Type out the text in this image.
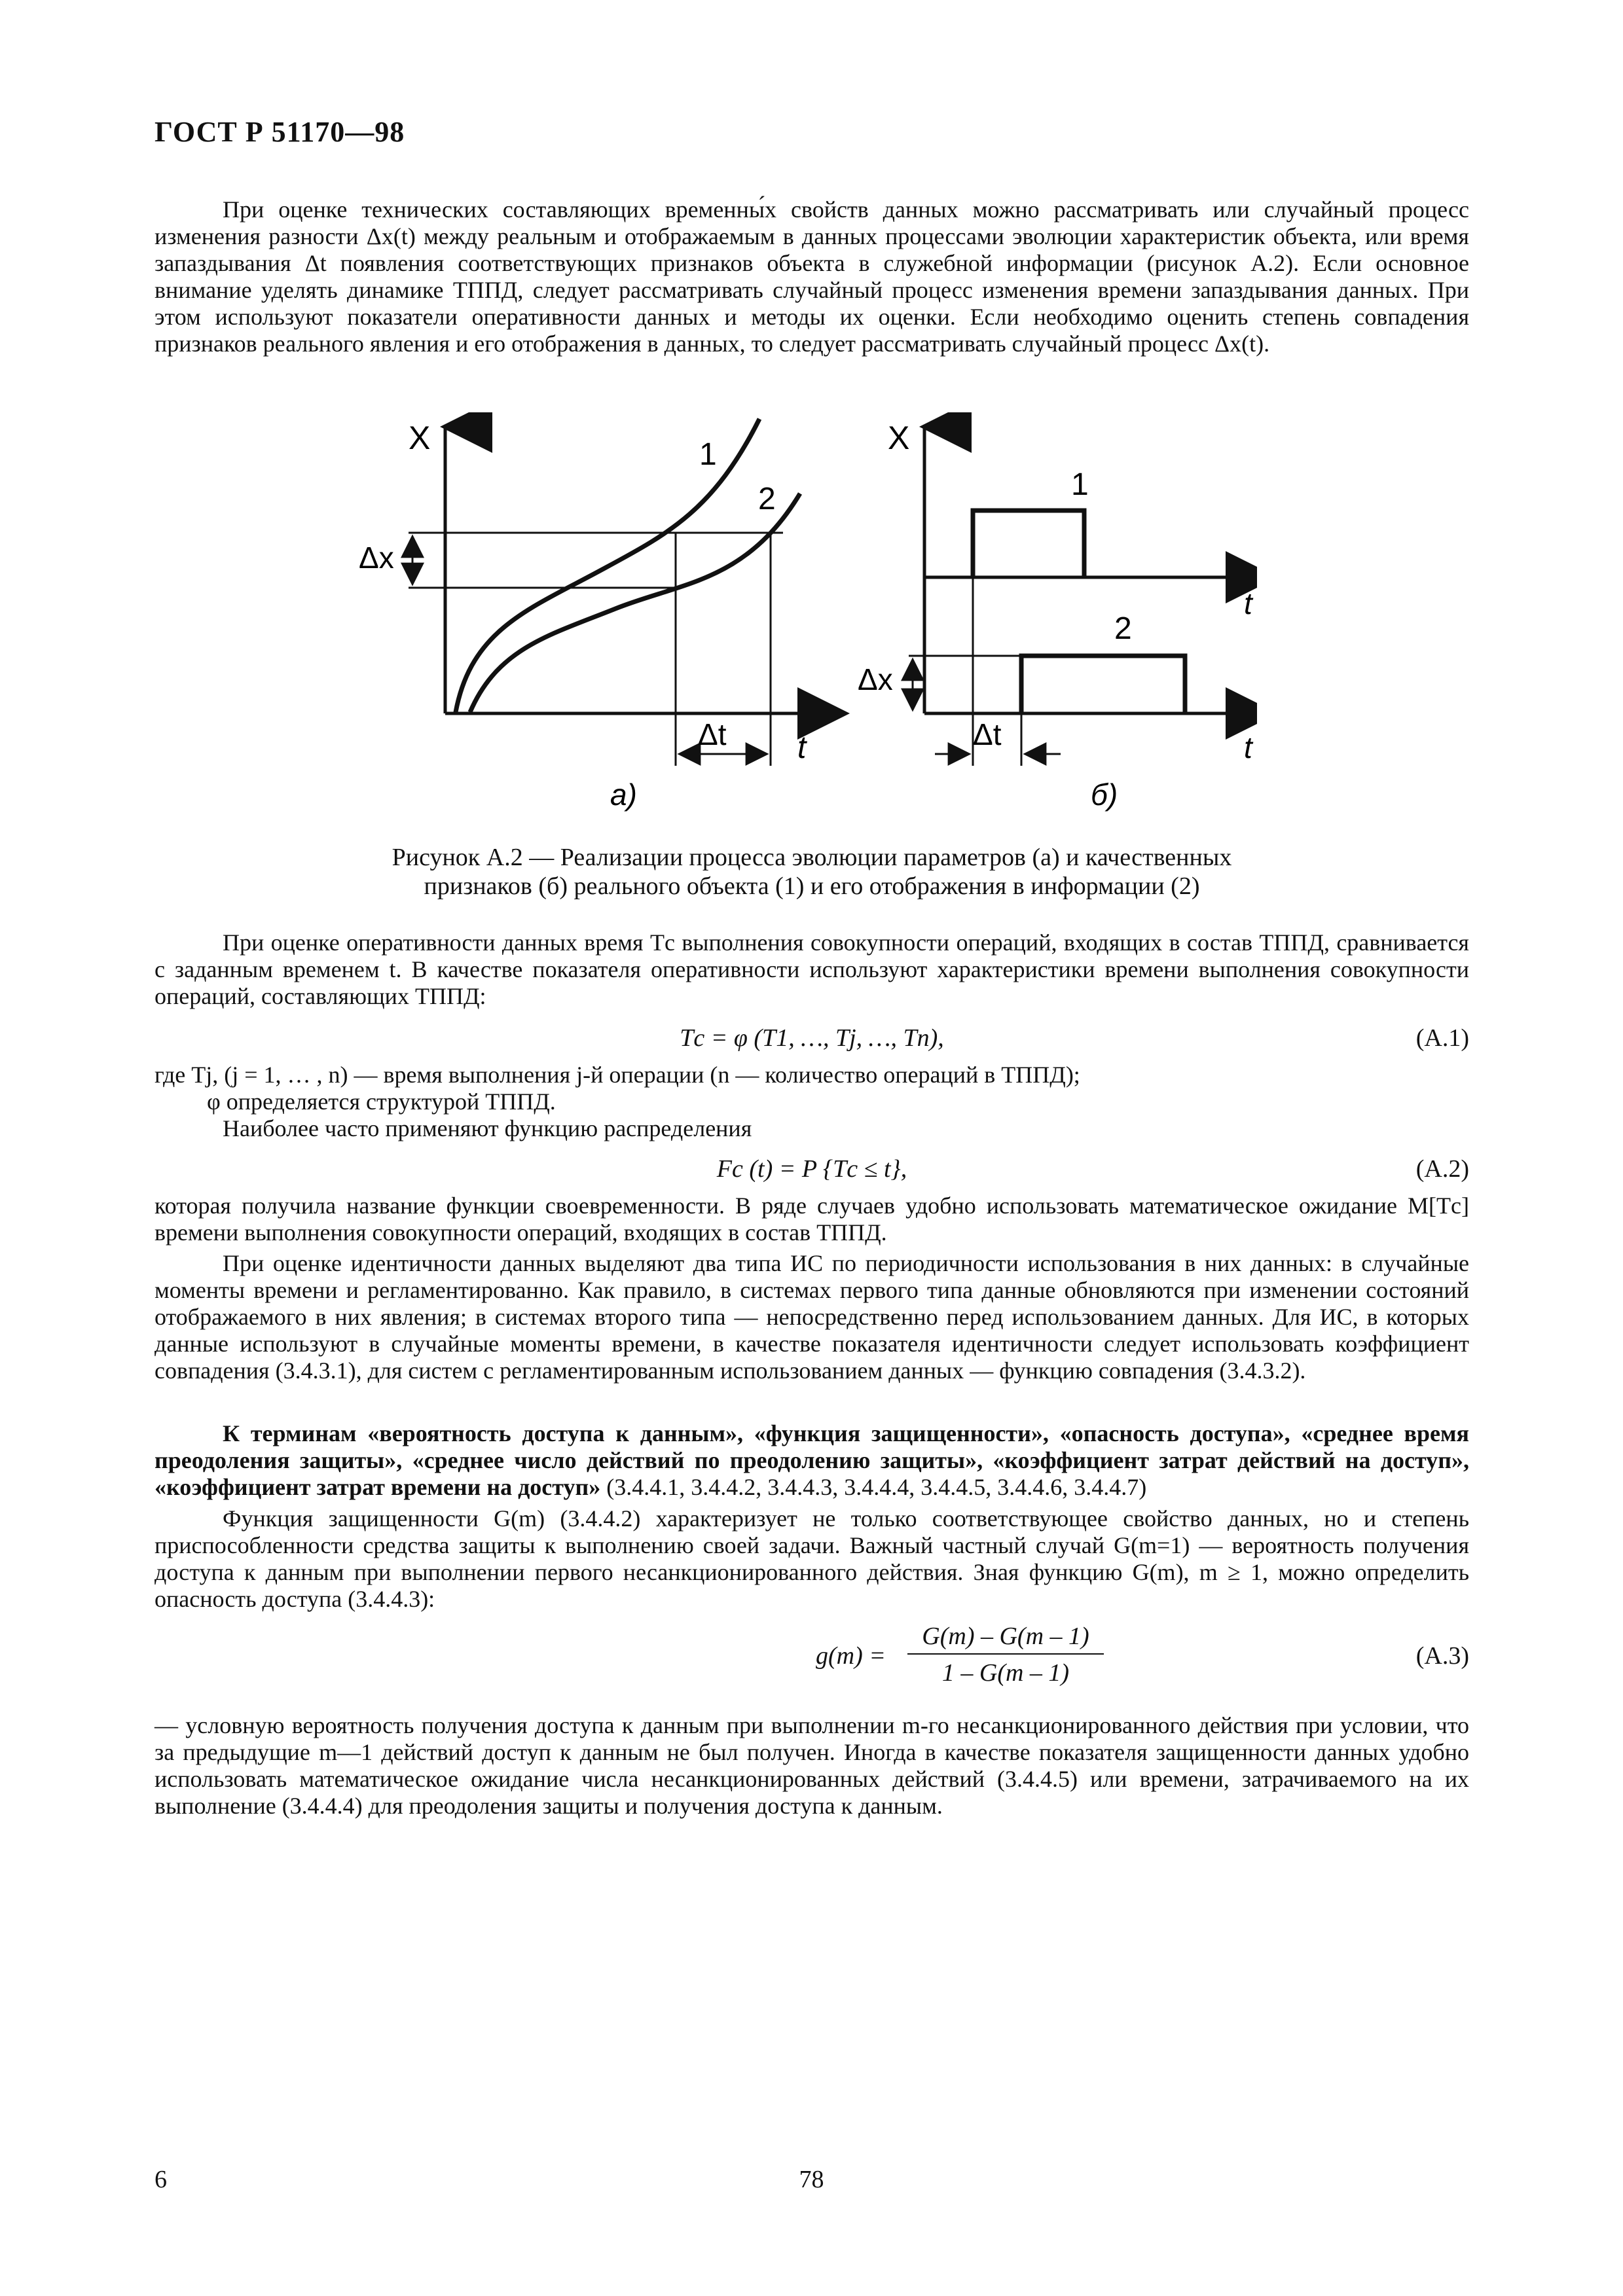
ГОСТ Р 51170—98

При оценке технических составляющих временны́х свойств данных можно рассматривать или случайный процесс изменения разности Δx(t) между реальным и отображаемым в данных процессами эволюции характеристик объекта, или время запаздывания Δt появления соответствующих признаков объекта в служебной информации (рисунок А.2). Если основное внимание уделять динамике ТППД, следует рассматривать случайный процесс изменения времени запаздывания данных. При этом используют показатели оперативности данных и методы их оценки. Если необходимо оценить степень совпадения признаков реального явления и его отображения в данных, то следует рассматривать случайный процесс Δx(t).

X
t
1
2
Δx
Δt
а)
X
t
t
1
2
Δx
Δt
б)
Рисунок А.2 — Реализации процесса эволюции параметров (а) и качественных
признаков (б) реального объекта (1) и его отображения в информации (2)

При оценке оперативности данных время Tс выполнения совокупности операций, входящих в состав ТППД, сравнивается с заданным временем t. В качестве показателя оперативности используют характеристики времени выполнения совокупности операций, составляющих ТППД:

Tс = φ (T1, …, Tj, …, Tn),	(А.1)

где Tj, (j = 1, … , n) — время выполнения j-й операции (n — количество операций в ТППД);

φ определяется структурой ТППД.

Наиболее часто применяют функцию распределения

Fс (t) = P {Tс ≤ t},	(А.2)

которая получила название функции своевременности. В ряде случаев удобно использовать математическое ожидание M[Tс] времени выполнения совокупности операций, входящих в состав ТППД.

При оценке идентичности данных выделяют два типа ИС по периодичности использования в них данных: в случайные моменты времени и регламентированно. Как правило, в системах первого типа данные обновляются при изменении состояний отображаемого в них явления; в системах второго типа — непосредственно перед использованием данных. Для ИС, в которых данные используют в случайные моменты времени, в качестве показателя идентичности следует использовать коэффициент совпадения (3.4.3.1), для систем с регламентированным использованием данных — функцию совпадения (3.4.3.2).

К терминам «вероятность доступа к данным», «функция защищенности», «опасность доступа», «среднее время преодоления защиты», «среднее число действий по преодолению защиты», «коэффициент затрат действий на доступ», «коэффициент затрат времени на доступ» (3.4.4.1, 3.4.4.2, 3.4.4.3, 3.4.4.4, 3.4.4.5, 3.4.4.6, 3.4.4.7)

Функция защищенности G(m) (3.4.4.2) характеризует не только соответствующее свойство данных, но и степень приспособленности средства защиты к выполнению своей задачи. Важный частный случай G(m=1) — вероятность получения доступа к данным при выполнении первого несанкционированного действия. Зная функцию G(m), m ≥ 1, можно определить опасность доступа (3.4.4.3):

g(m) =
G(m) – G(m – 1)
1 – G(m – 1)
(А.3)

— условную вероятность получения доступа к данным при выполнении m-го несанкционированного действия при условии, что за предыдущие m—1 действий доступ к данным не был получен. Иногда в качестве показателя защищенности данных удобно использовать математическое ожидание числа несанкционированных действий (3.4.4.5) или времени, затрачиваемого на их выполнение (3.4.4.4) для преодоления защиты и получения доступа к данным.

6	78
